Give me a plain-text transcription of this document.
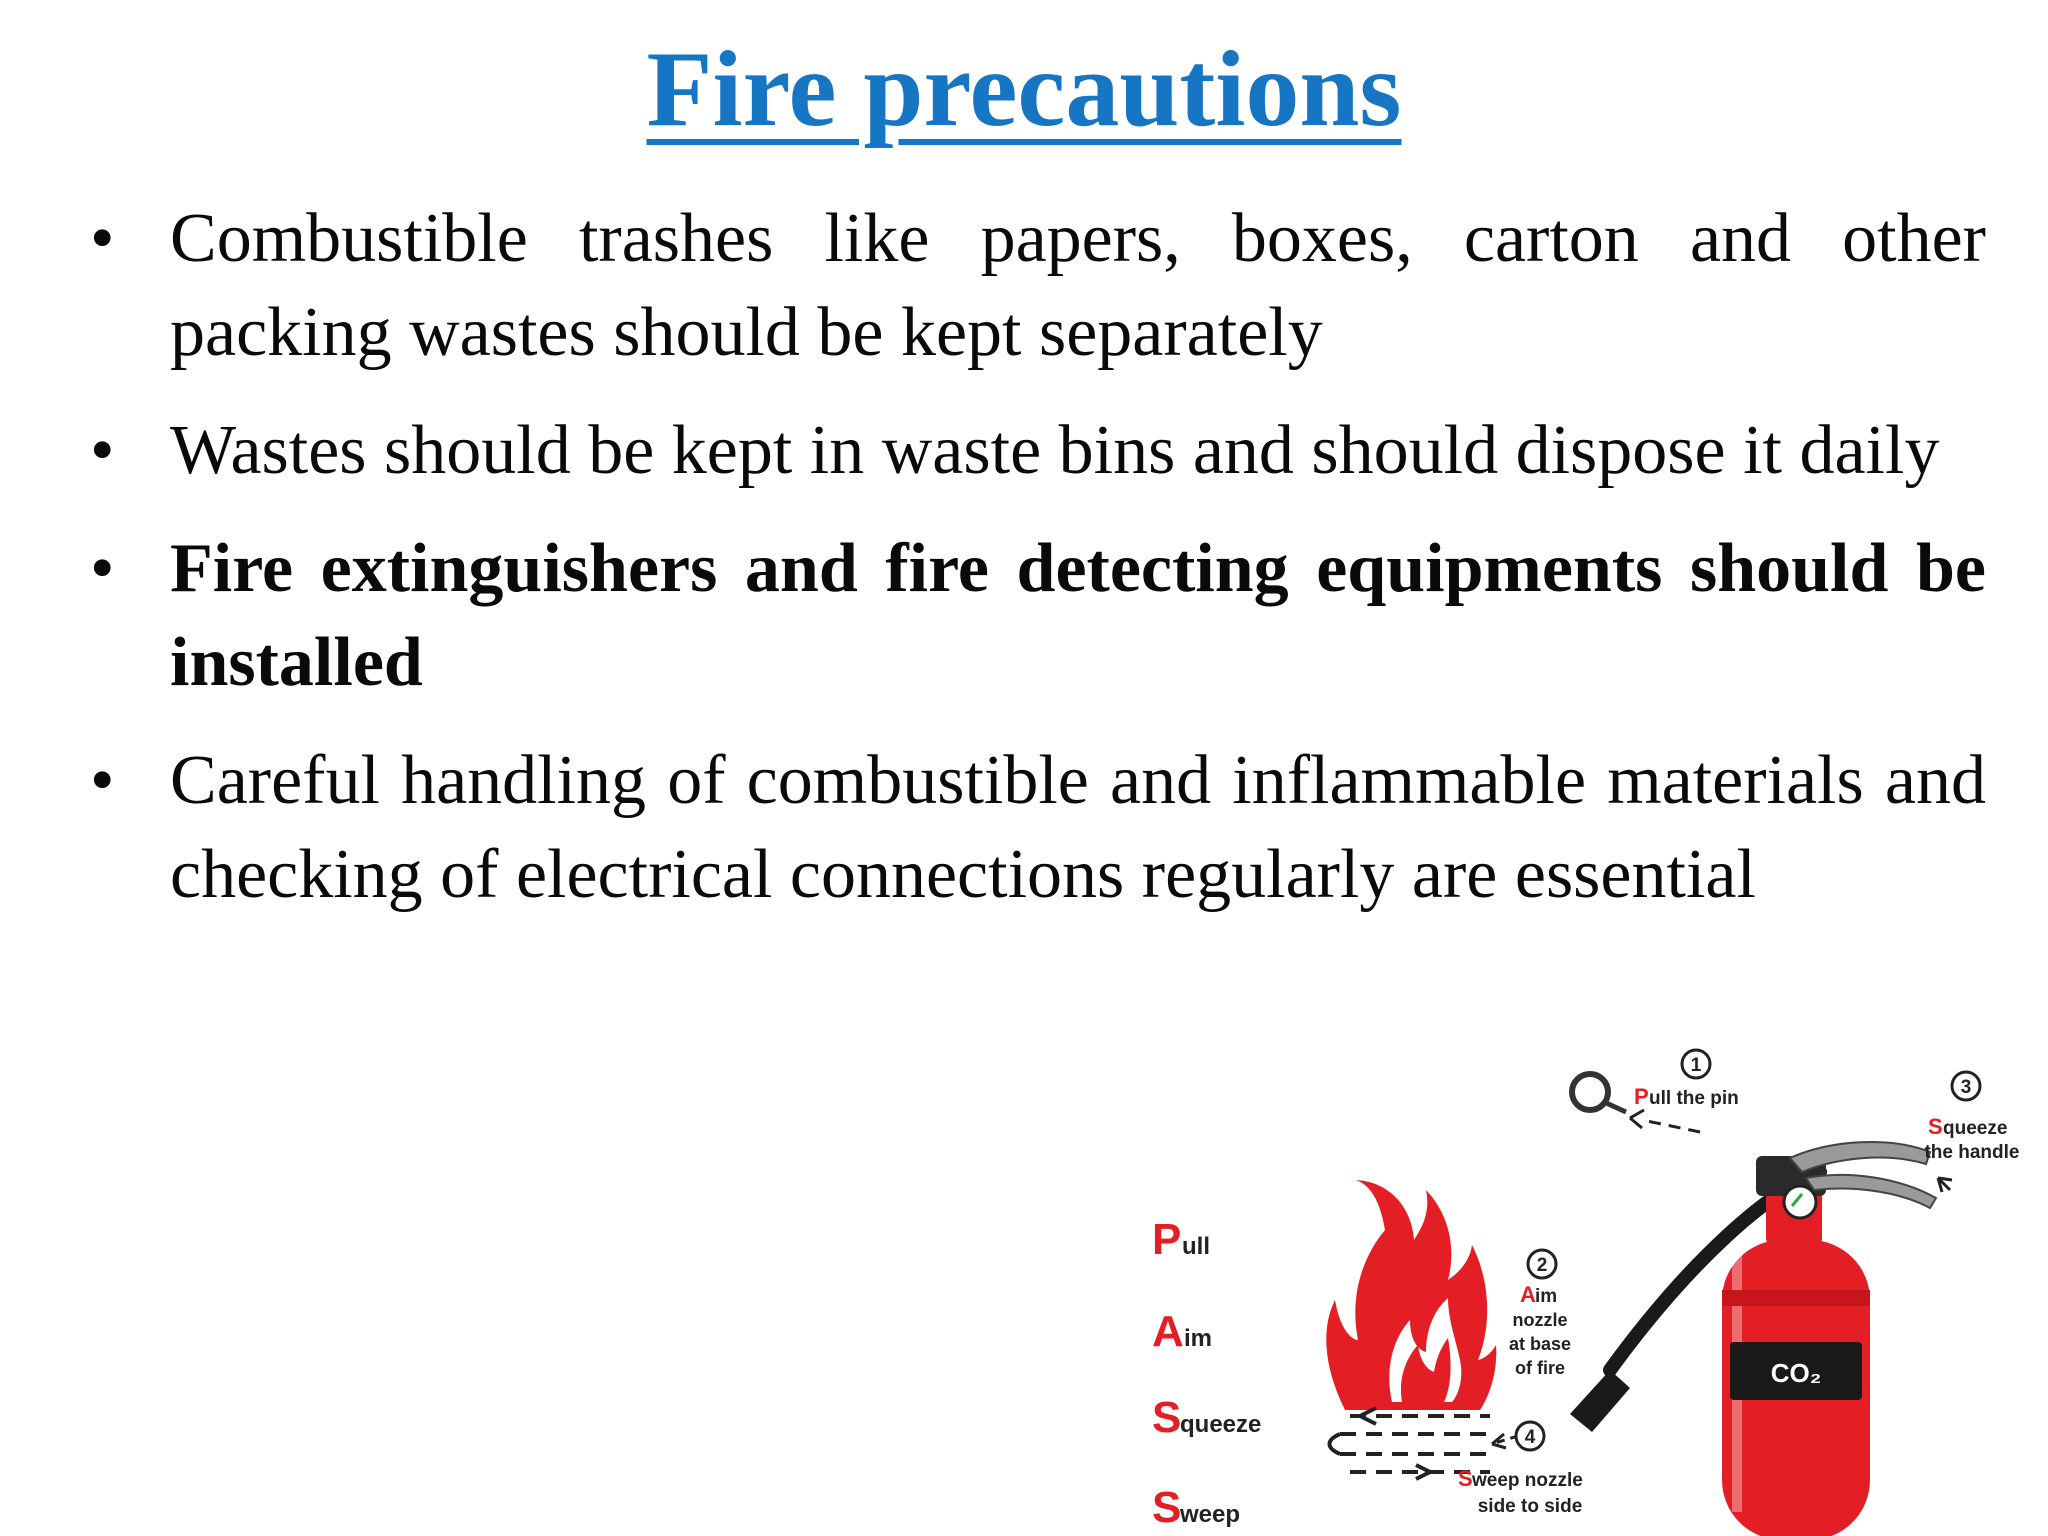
Fire precautions
• Combustible trashes like papers, boxes, carton and other packing wastes should be kept separately
• Wastes should be kept in waste bins and should dispose it daily
• Fire extinguishers and fire detecting equipments should be installed
• Careful handling of combustible and inflammable materials and checking of electrical connections regularly are essential
P ull
A im
S
queeze
S
weep
2
A im
nozzle
at base
of fire
4
S weep nozzle
side to side
CO₂
1
P ull the pin
3
S queeze
the handle
